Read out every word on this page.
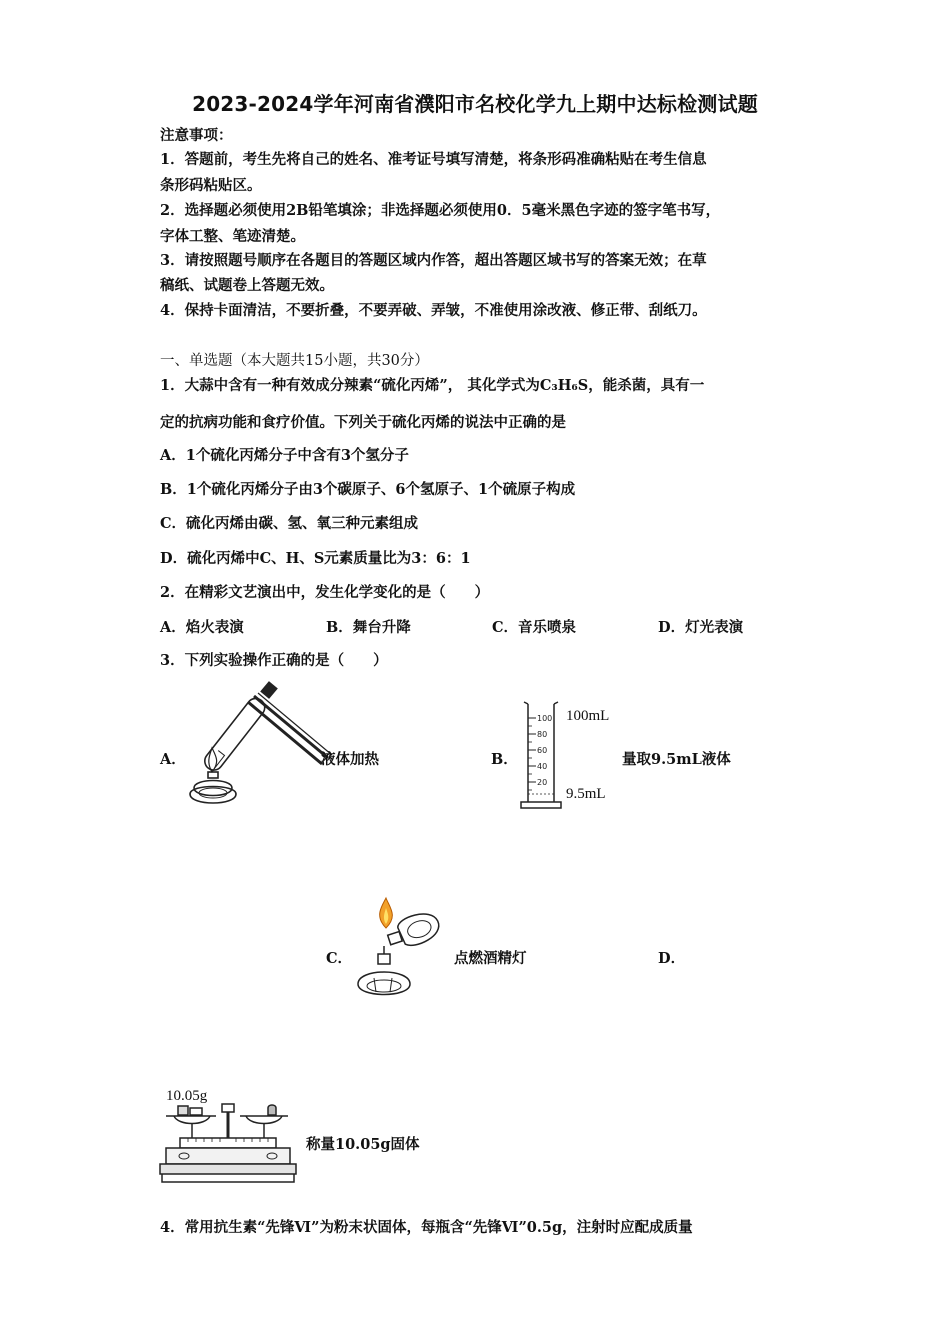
2023-2024学年河南省濮阳市名校化学九上期中达标检测试题
注意事项：
1．答题前，考生先将自己的姓名、准考证号填写清楚，将条形码准确粘贴在考生信息
条形码粘贴区。
2．选择题必须使用2B铅笔填涂；非选择题必须使用0．5毫米黑色字迹的签字笔书写，
字体工整、笔迹清楚。
3．请按照题号顺序在各题目的答题区域内作答，超出答题区域书写的答案无效；在草
稿纸、试题卷上答题无效。
4．保持卡面清洁，不要折叠，不要弄破、弄皱，不准使用涂改液、修正带、刮纸刀。
一、单选题（本大题共15小题，共30分）
1．大蒜中含有一种有效成分辣素“硫化丙烯”， 其化学式为C₃H₆S，能杀菌，具有一
定的抗病功能和食疗价值。下列关于硫化丙烯的说法中正确的是
A．1个硫化丙烯分子中含有3个氢分子
B．1个硫化丙烯分子由3个碳原子、6个氢原子、1个硫原子构成
C．硫化丙烯由碳、氢、氧三种元素组成
D．硫化丙烯中C、H、S元素质量比为3：6：1
2．在精彩文艺演出中，发生化学变化的是（　　）
A．焰火表演	B．舞台升降	C．音乐喷泉	D．灯光表演
3．下列实验操作正确的是（　　）
A．	液体加热	B．
100
80
60
40
20
100mL
9.5mL
量取9.5mL液体
C．	点燃酒精灯	D．
10.05g
称量10.05g固体
4．常用抗生素“先锋Ⅵ”为粉末状固体，每瓶含“先锋Ⅵ”0.5g，注射时应配成质量
